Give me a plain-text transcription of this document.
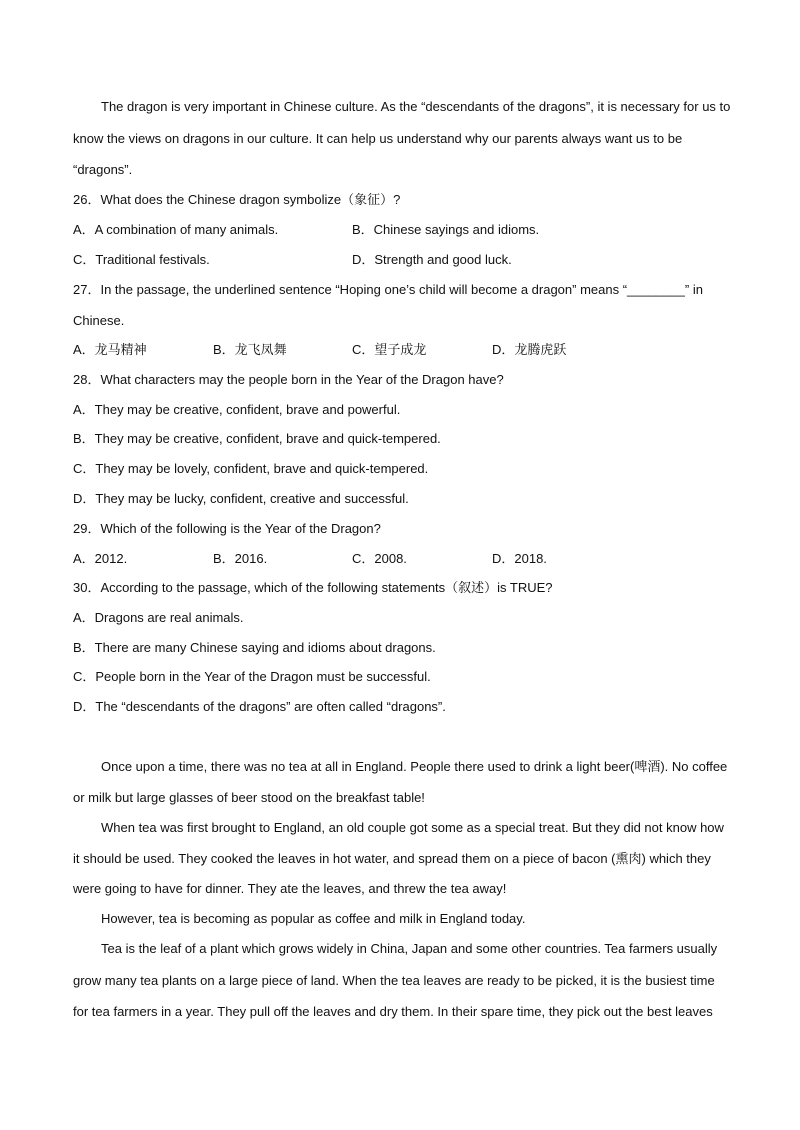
The dragon is very important in Chinese culture. As the “descendants of the dragons”, it is necessary for us to
know the views on dragons in our culture. It can help us understand why our parents always want us to be
“dragons”.
26．What does the Chinese dragon symbolize（象征）?
A．A combination of many animals.	B．Chinese sayings and idioms.
C．Traditional festivals.	D．Strength and good luck.
27．In the passage, the underlined sentence “Hoping one’s child will become a dragon” means “________” in
Chinese.
A．龙马精神	B．龙飞凤舞	C．望子成龙	D．龙腾虎跃
28．What characters may the people born in the Year of the Dragon have?
A．They may be creative, confident, brave and powerful.
B．They may be creative, confident, brave and quick-tempered.
C．They may be lovely, confident, brave and quick-tempered.
D．They may be lucky, confident, creative and successful.
29．Which of the following is the Year of the Dragon?
A．2012.	B．2016.	C．2008.	D．2018.
30．According to the passage, which of the following statements（叙述）is TRUE?
A．Dragons are real animals.
B．There are many Chinese saying and idioms about dragons.
C．People born in the Year of the Dragon must be successful.
D．The “descendants of the dragons” are often called “dragons”.
Once upon a time, there was no tea at all in England. People there used to drink a light beer(啤酒). No coffee
or milk but large glasses of beer stood on the breakfast table!
When tea was first brought to England, an old couple got some as a special treat. But they did not know how
it should be used. They cooked the leaves in hot water, and spread them on a piece of bacon (熏肉) which they
were going to have for dinner. They ate the leaves, and threw the tea away!
However, tea is becoming as popular as coffee and milk in England today.
Tea is the leaf of a plant which grows widely in China, Japan and some other countries. Tea farmers usually
grow many tea plants on a large piece of land. When the tea leaves are ready to be picked, it is the busiest time
for tea farmers in a year. They pull off the leaves and dry them. In their spare time, they pick out the best leaves
